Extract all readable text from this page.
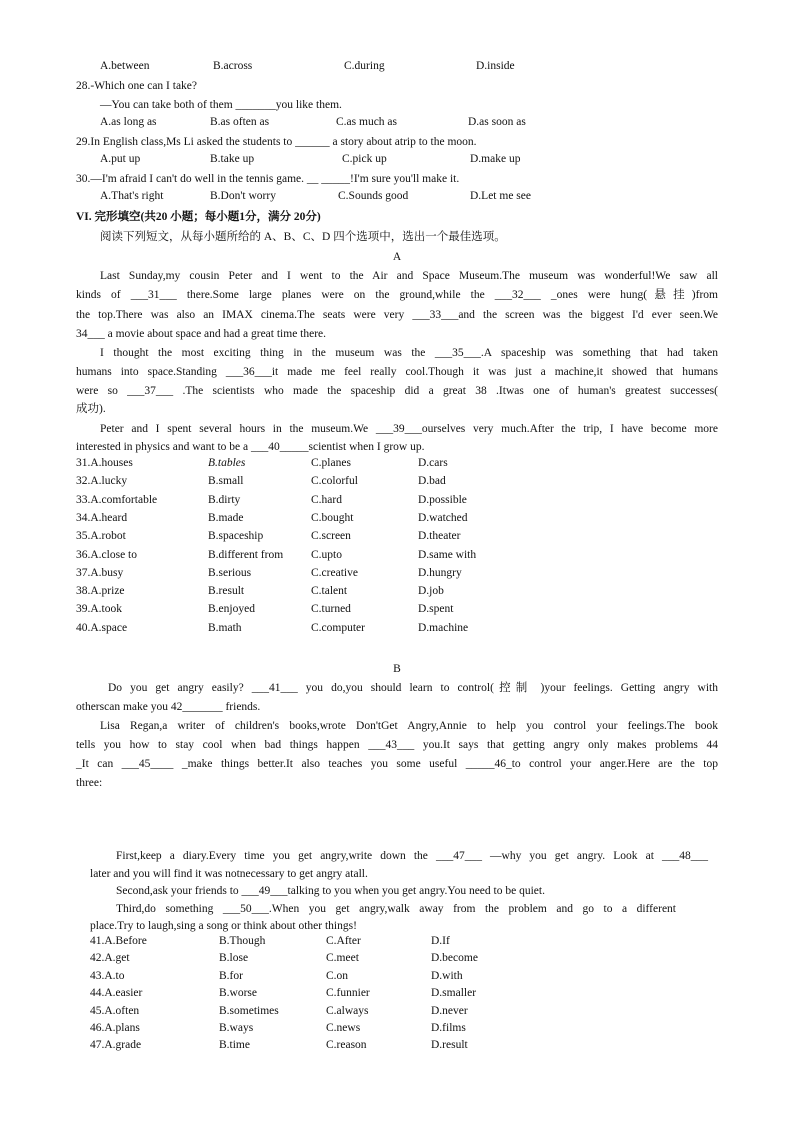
A.between	B.across	C.during	D.inside
28.-Which one can I take?
—You can take both of them _______you like them.
A.as long as	B.as often as	C.as much as	D.as soon as
29.In English class,Ms Li asked the students to ______ a story about atrip to the moon.
A.put up	B.take up	C.pick up	D.make up
30.—I'm afraid I can't do well in the tennis game. __ _____!I'm sure you'll make it.
A.That's right	B.Don't worry	C.Sounds good	D.Let me see
VI. 完形填空(共20 小题；每小题1分，满分 20分)
阅读下列短文，从每小题所给的 A、B、C、D 四个选项中，选出一个最佳选项。
A
Last Sunday,my cousin Peter and I went to the Air and Space Museum.The museum was wonderful!We saw all
kinds of ___31___ there.Some large planes were on the ground,while the ___32___ _ones were hung(悬挂)from
the top.There was also an IMAX cinema.The seats were very ___33___and the screen was the biggest I'd ever seen.We
34___ a movie about space and had a great time there.
I thought the most exciting thing in the museum was the ___35___.A spaceship was something that had taken
humans into space.Standing ___36___it made me feel really cool.Though it was just a machine,it showed that humans
were so ___37___ .The scientists who made the spaceship did a great 38 .Itwas one of human's greatest successes(
成功).
Peter and I spent several hours in the museum.We ___39___ourselves very much.After the trip, I have become more
interested in physics and want to be a ___40_____scientist when I grow up.
31.A.houses	B.tables	C.planes	D.cars
32.A.lucky	B.small	C.colorful	D.bad
33.A.comfortable	B.dirty	C.hard	D.possible
34.A.heard	B.made	C.bought	D.watched
35.A.robot	B.spaceship	C.screen	D.theater
36.A.close to	B.different from C.upto	D.same with
37.A.busy	B.serious	C.creative	D.hungry
38.A.prize	B.result	C.talent	D.job
39.A.took	B.enjoyed	C.turned	D.spent
40.A.space	B.math	C.computer	D.machine
B
Do you get angry easily? ___41___ you do,you should learn to control(控制 )your feelings. Getting angry with
otherscan make you 42_______ friends.
Lisa Regan,a writer of children's books,wrote Don'tGet Angry,Annie to help you control your feelings.The book
tells you how to stay cool when bad things happen ___43___ you.It says that getting angry only makes problems 44
_It can ___45____ _make things better.It also teaches you some useful _____46_to control your anger.Here are the top
three:
First,keep a diary.Every time you get angry,write down the ___47___ —why you get angry. Look at ___48___
later and you will find it was notnecessary to get angry atall.
Second,ask your friends to ___49___talking to you when you get angry.You need to be quiet.
Third,do something ___50___.When you get angry,walk away from the problem and go to a different
place.Try to laugh,sing a song or think about other things!
41.A.Before	B.Though	C.After	D.If
42.A.get	B.lose	C.meet	D.become
43.A.to	B.for	C.on	D.with
44.A.easier	B.worse	C.funnier	D.smaller
45.A.often	B.sometimes	C.always	D.never
46.A.plans	B.ways	C.news	D.films
47.A.grade	B.time	C.reason	D.result
